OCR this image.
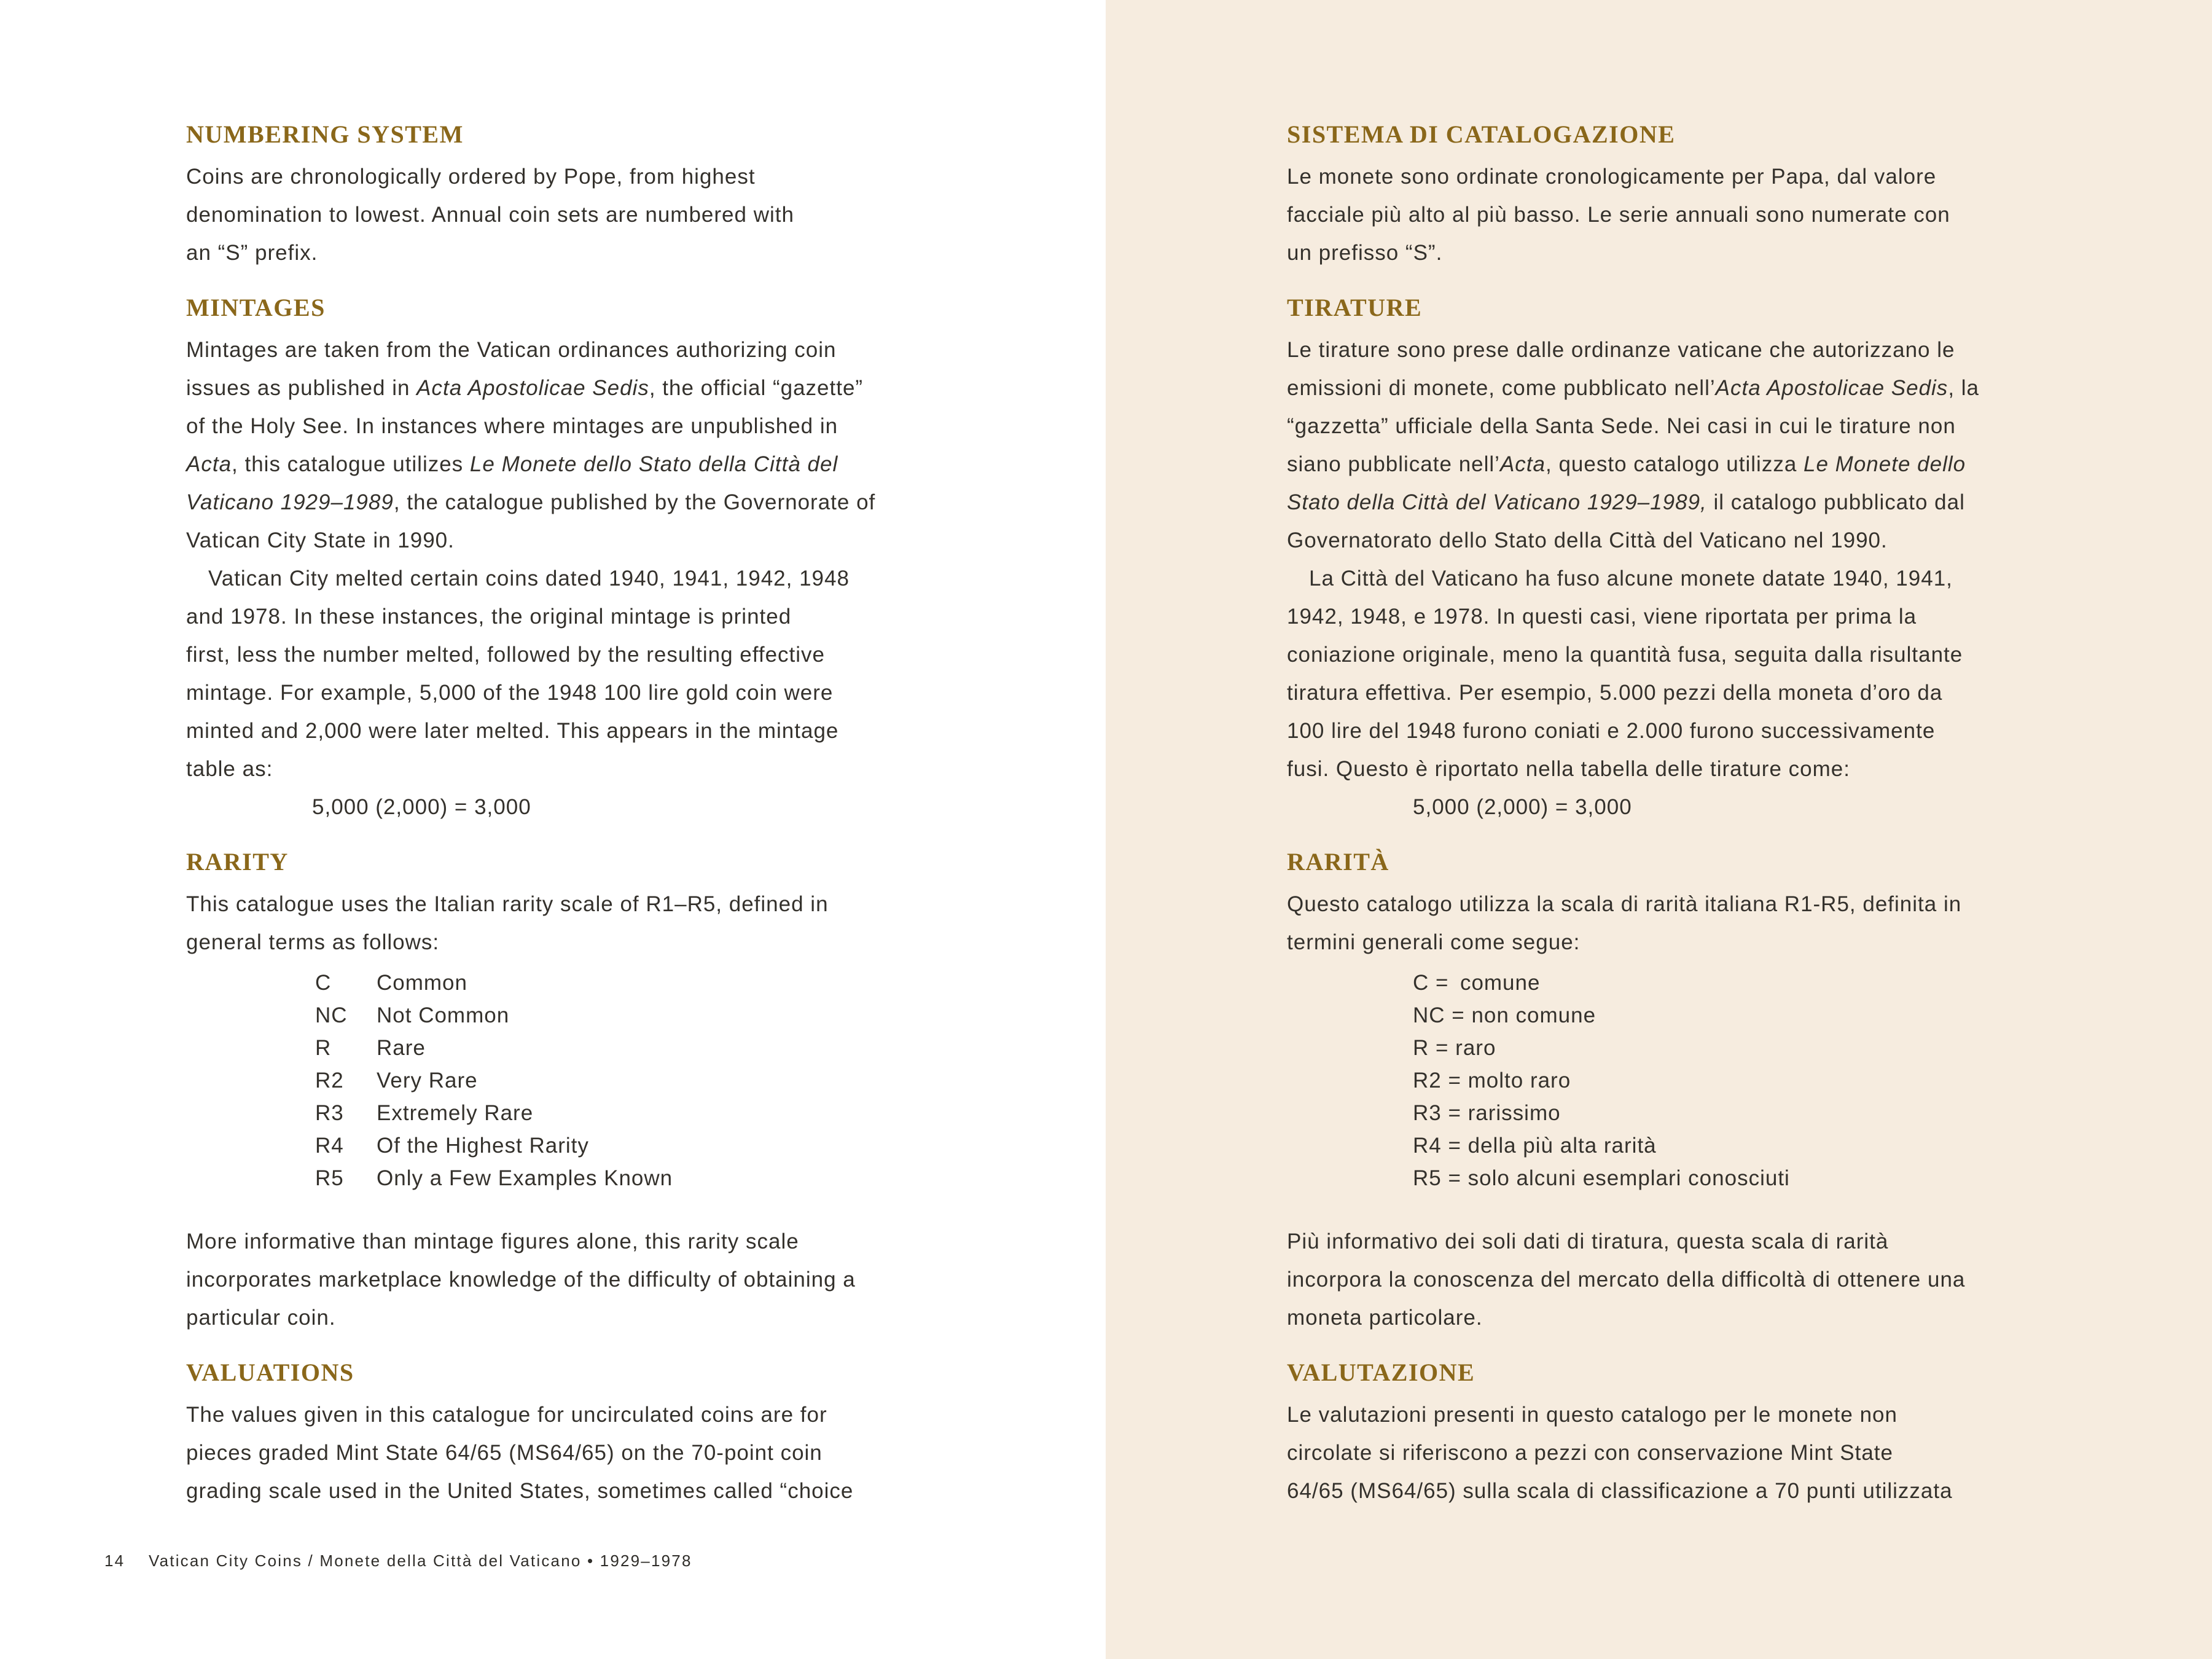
NUMBERING SYSTEM

Coins are chronologically ordered by Pope, from highest
denomination to lowest. Annual coin sets are numbered with
an “S” prefix.

MINTAGES

Mintages are taken from the Vatican ordinances authorizing coin
issues as published in Acta Apostolicae Sedis, the official “gazette”
of the Holy See. In instances where mintages are unpublished in
Acta, this catalogue utilizes Le Monete dello Stato della Città del
Vaticano 1929–1989, the catalogue published by the Governorate of
Vatican City State in 1990.
 Vatican City melted certain coins dated 1940, 1941, 1942, 1948
and 1978. In these instances, the original mintage is printed
first, less the number melted, followed by the resulting effective
mintage. For example, 5,000 of the 1948 100 lire gold coin were
minted and 2,000 were later melted. This appears in the mintage
table as:

5,000 (2,000) = 3,000
RARITY

This catalogue uses the Italian rarity scale of R1–R5, defined in
general terms as follows:

C	Common
NC	Not Common
R	Rare
R2	Very Rare
R3	Extremely Rare
R4	Of the Highest Rarity
R5	Only a Few Examples Known

More informative than mintage figures alone, this rarity scale
incorporates marketplace knowledge of the difficulty of obtaining a
particular coin.

VALUATIONS

The values given in this catalogue for uncirculated coins are for
pieces graded Mint State 64/65 (MS64/65) on the 70-point coin
grading scale used in the United States, sometimes called “choice

14 Vatican City Coins / Monete della Città del Vaticano • 1929–1978
SISTEMA DI CATALOGAZIONE

Le monete sono ordinate cronologicamente per Papa, dal valore
facciale più alto al più basso. Le serie annuali sono numerate con
un prefisso “S”.

TIRATURE

Le tirature sono prese dalle ordinanze vaticane che autorizzano le
emissioni di monete, come pubblicato nell’Acta Apostolicae Sedis, la
“gazzetta” ufficiale della Santa Sede. Nei casi in cui le tirature non
siano pubblicate nell’Acta, questo catalogo utilizza Le Monete dello
Stato della Città del Vaticano 1929–1989, il catalogo pubblicato dal
Governatorato dello Stato della Città del Vaticano nel 1990.
 La Città del Vaticano ha fuso alcune monete datate 1940, 1941,
1942, 1948, e 1978. In questi casi, viene riportata per prima la
coniazione originale, meno la quantità fusa, seguita dalla risultante
tiratura effettiva. Per esempio, 5.000 pezzi della moneta d’oro da
100 lire del 1948 furono coniati e 2.000 furono successivamente
fusi. Questo è riportato nella tabella delle tirature come:

5,000 (2,000) = 3,000
RARITÀ

Questo catalogo utilizza la scala di rarità italiana R1-R5, definita in
termini generali come segue:

C = comune
NC = non comune
R = raro
R2 = molto raro
R3 = rarissimo
R4 = della più alta rarità
R5 = solo alcuni esemplari conosciuti

Più informativo dei soli dati di tiratura, questa scala di rarità
incorpora la conoscenza del mercato della difficoltà di ottenere una
moneta particolare.

VALUTAZIONE

Le valutazioni presenti in questo catalogo per le monete non
circolate si riferiscono a pezzi con conservazione Mint State
64/65 (MS64/65) sulla scala di classificazione a 70 punti utilizzata
